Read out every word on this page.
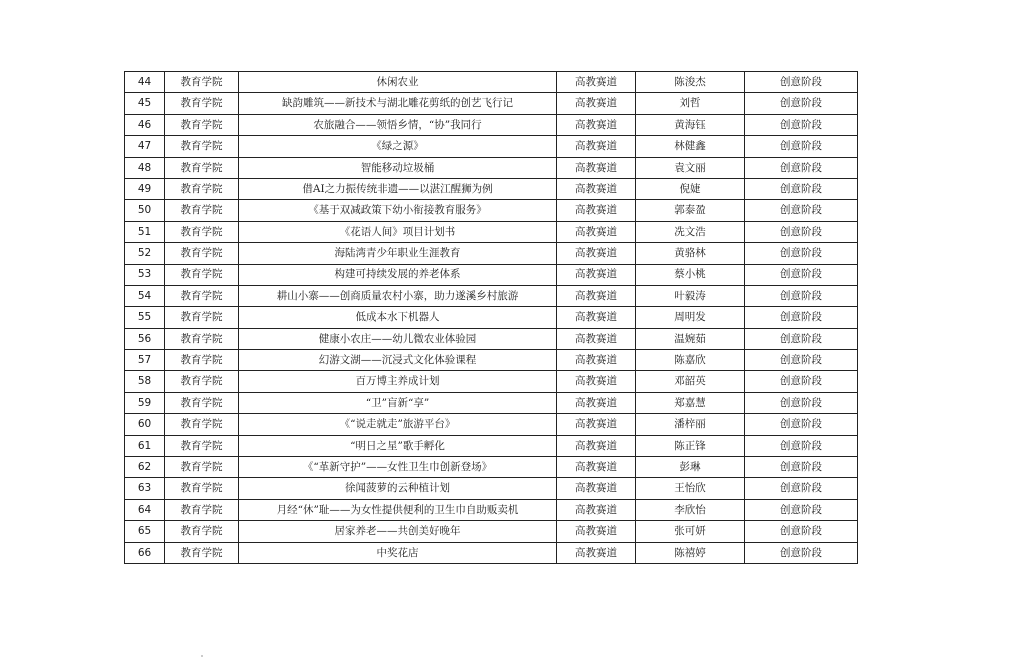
44	教育学院	休闲农业	高教赛道	陈浚杰	创意阶段
45	教育学院	缺韵雕筑——新技术与湖北雕花剪纸的创艺飞行记	高教赛道	刘哲	创意阶段
46	教育学院	农旅融合——领悟乡情，“协”我同行	高教赛道	黄海钰	创意阶段
47	教育学院	《绿之源》	高教赛道	林健鑫	创意阶段
48	教育学院	智能移动垃圾桶	高教赛道	袁文丽	创意阶段
49	教育学院	借AI之力振传统非遗——以湛江醒狮为例	高教赛道	倪婕	创意阶段
50	教育学院	《基于双减政策下幼小衔接教育服务》	高教赛道	郭泰盈	创意阶段
51	教育学院	《花语人间》项目计划书	高教赛道	冼文浩	创意阶段
52	教育学院	海陆湾青少年职业生涯教育	高教赛道	黄骆林	创意阶段
53	教育学院	构建可持续发展的养老体系	高教赛道	蔡小桃	创意阶段
54	教育学院	耕山小寨——创商质量农村小寨，助力遂溪乡村旅游	高教赛道	叶毅涛	创意阶段
55	教育学院	低成本水下机器人	高教赛道	周明发	创意阶段
56	教育学院	健康小农庄——幼儿微农业体验园	高教赛道	温婉茹	创意阶段
57	教育学院	幻游文湖——沉浸式文化体验课程	高教赛道	陈嘉欣	创意阶段
58	教育学院	百万博主养成计划	高教赛道	邓韶英	创意阶段
59	教育学院	“卫”盲新“享”	高教赛道	郑嘉慧	创意阶段
60	教育学院	《“说走就走”旅游平台》	高教赛道	潘梓丽	创意阶段
61	教育学院	“明日之星”歌手孵化	高教赛道	陈正锋	创意阶段
62	教育学院	《“革新守护”——女性卫生巾创新登场》	高教赛道	彭琳	创意阶段
63	教育学院	徐闻菠萝的云种植计划	高教赛道	王怡欣	创意阶段
64	教育学院	月经“休”耻——为女性提供便利的卫生巾自助贩卖机	高教赛道	李欣怡	创意阶段
65	教育学院	居家养老——共创美好晚年	高教赛道	张可妍	创意阶段
66	教育学院	中奖花店	高教赛道	陈禧婷	创意阶段
